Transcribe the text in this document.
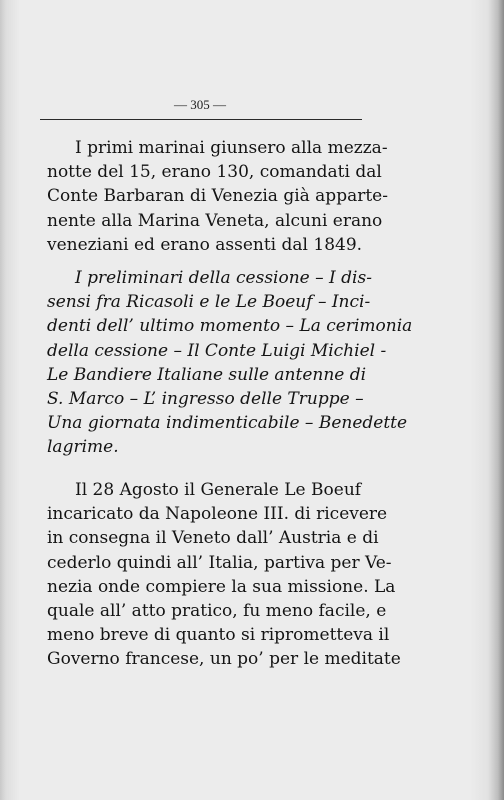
— 305 —
I primi marinai giunsero alla mezza-
notte del 15, erano 130, comandati dal
Conte Barbaran di Venezia già apparte-
nente alla Marina Veneta, alcuni erano
veneziani ed erano assenti dal 1849.
I preliminari della cessione – I dis-
sensi fra Ricasoli e le Le Boeuf – Inci-
denti dell’ ultimo momento – La cerimonia
della cessione – Il Conte Luigi Michiel -
Le Bandiere Italiane sulle antenne di
S. Marco – L’ ingresso delle Truppe –
Una giornata indimenticabile – Benedette
lagrime.
Il 28 Agosto il Generale Le Boeuf
incaricato da Napoleone III. di ricevere
in consegna il Veneto dall’ Austria e di
cederlo quindi all’ Italia, partiva per Ve-
nezia onde compiere la sua missione. La
quale all’ atto pratico, fu meno facile, e
meno breve di quanto si riprometteva il
Governo francese, un po’ per le meditate
